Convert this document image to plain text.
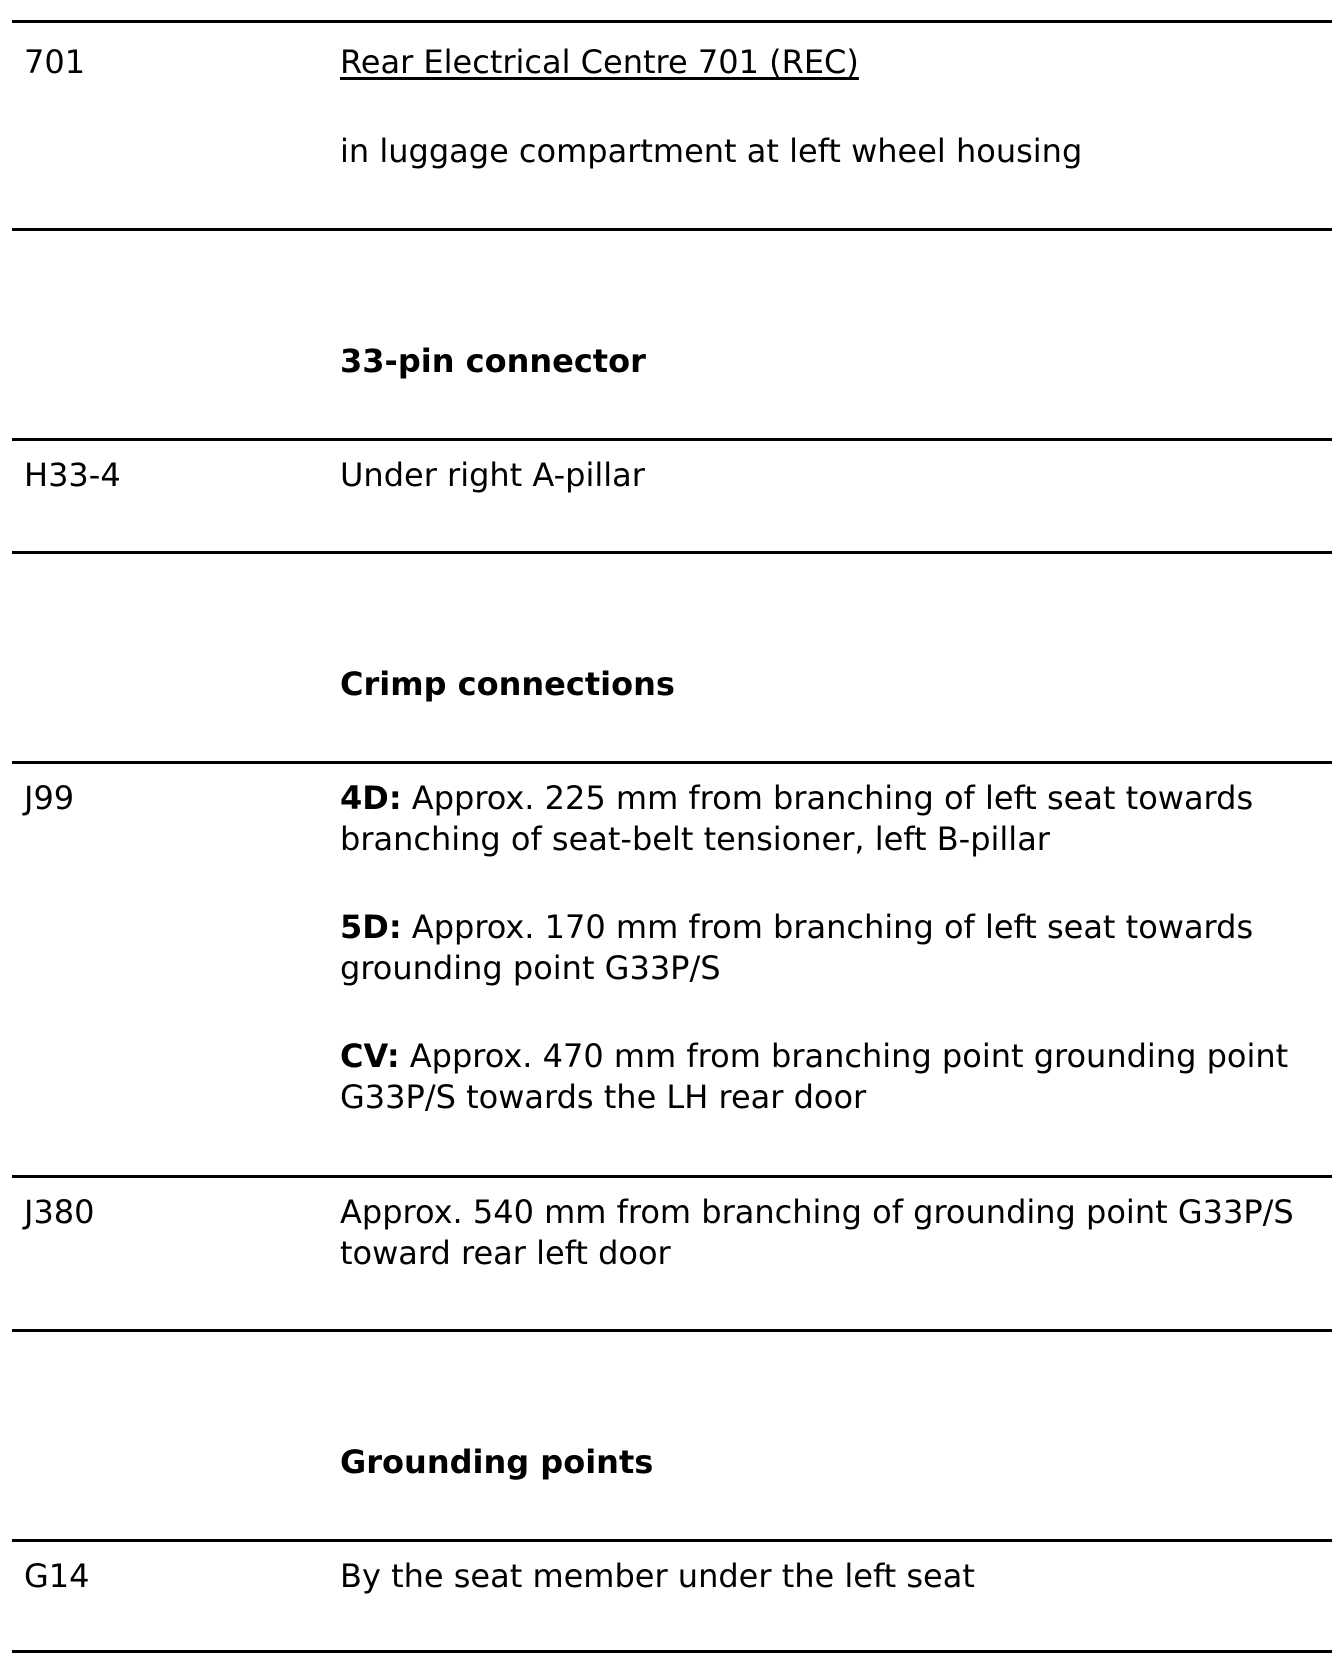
701	Rear Electrical Centre 701 (REC)
in luggage compartment at left wheel housing
33-pin connector
H33-4	Under right A-pillar
Crimp connections
J99	4D: Approx. 225 mm from branching of left seat towards branching of seat-belt tensioner, left B-pillar

5D: Approx. 170 mm from branching of left seat towards grounding point G33P/S

CV: Approx. 470 mm from branching point grounding point G33P/S towards the LH rear door

J380	Approx. 540 mm from branching of grounding point G33P/S toward rear left door
Grounding points
G14	By the seat member under the left seat
